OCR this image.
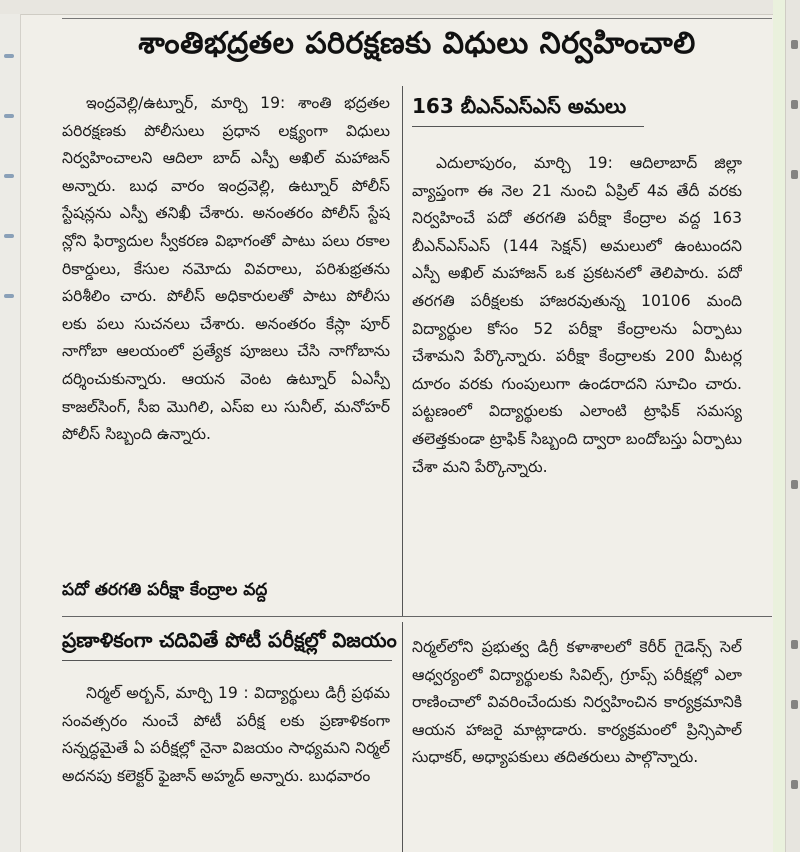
శాంతిభద్రతల పరిరక్షణకు విధులు నిర్వహించాలి

ఇంద్రవెల్లి/ఉట్నూర్, మార్చి 19: శాంతి భద్రతల పరిరక్షణకు పోలీసులు ప్రధాన లక్ష్యంగా విధులు నిర్వహించాలని ఆదిలా బాద్ ఎస్పీ అఖిల్ మహాజన్ అన్నారు. బుధ వారం ఇంద్రవెల్లి, ఉట్నూర్ పోలీస్ స్టేషన్లను ఎస్పీ తనిఖీ చేశారు. అనంతరం పోలీస్ స్టేష న్లోని ఫిర్యాదుల స్వీకరణ విభాగంతో పాటు పలు రకాల రికార్డులు, కేసుల నమోదు వివరాలు, పరిశుభ్రతను పరిశీలిం చారు. పోలీస్ అధికారులతో పాటు పోలీసు లకు పలు సుచనలు చేశారు. అనంతరం కేస్లా పూర్ నాగోబా ఆలయంలో ప్రత్యేక పూజలు చేసి నాగోబాను దర్శించుకున్నారు. ఆయన వెంట ఉట్నూర్ ఏఎస్పీ కాజల్‌సింగ్, సీఐ మొగిలి, ఎస్ఐ లు సునీల్, మనోహర్ పోలీస్ సిబ్బంది ఉన్నారు.

163 బీఎన్ఎస్ఎస్ అమలు

ఎదులాపురం, మార్చి 19: ఆదిలాబాద్ జిల్లా వ్యాప్తంగా ఈ నెల 21 నుంచి ఏప్రిల్ 4వ తేదీ వరకు నిర్వహించే పదో తరగతి పరీక్షా కేంద్రాల వద్ద 163 బీఎన్ఎస్ఎస్ (144 సెక్షన్) అమలులో ఉంటుందని ఎస్పీ అఖిల్ మహాజన్ ఒక ప్రకటనలో తెలిపారు. పదో తరగతి పరీక్షలకు హాజరవుతున్న 10106 మంది విద్యార్థుల కోసం 52 పరీక్షా కేంద్రాలను ఏర్పాటు చేశామని పేర్కొన్నారు. పరీక్షా కేంద్రాలకు 200 మీటర్ల దూరం వరకు గుంపులుగా ఉండరాదని సూచిం చారు. పట్టణంలో విద్యార్థులకు ఎలాంటి ట్రాఫిక్ సమస్య తలెత్తకుండా ట్రాఫిక్ సిబ్బంది ద్వారా బందోబస్తు ఏర్పాటు చేశా మని పేర్కొన్నారు.

పదో తరగతి పరీక్షా కేంద్రాల వద్ద
ప్రణాళికంగా చదివితే పోటీ పరీక్షల్లో విజయం

నిర్మల్ అర్బన్, మార్చి 19 : విద్యార్థులు డిగ్రీ ప్రథమ సంవత్సరం నుంచే పోటీ పరీక్ష లకు ప్రణాళికంగా సన్నద్ధమైతే ఏ పరీక్షల్లో నైనా విజయం సాధ్యమని నిర్మల్ అదనపు కలెక్టర్ ఫైజాన్ అహ్మద్ అన్నారు. బుధవారం

నిర్మల్‌లోని ప్రభుత్వ డిగ్రీ కళాశాలలో కెరీర్ గైడెన్స్ సెల్ ఆధ్వర్యంలో విద్యార్థులకు సివిల్స్, గ్రూప్స్ పరీక్షల్లో ఎలా రాణించాలో వివరించేందుకు నిర్వహించిన కార్యక్రమానికి ఆయన హాజరై మాట్లాడారు. కార్యక్రమంలో ప్రిన్సిపాల్ సుధాకర్, అధ్యాపకులు తదితరులు పాల్గొన్నారు.
